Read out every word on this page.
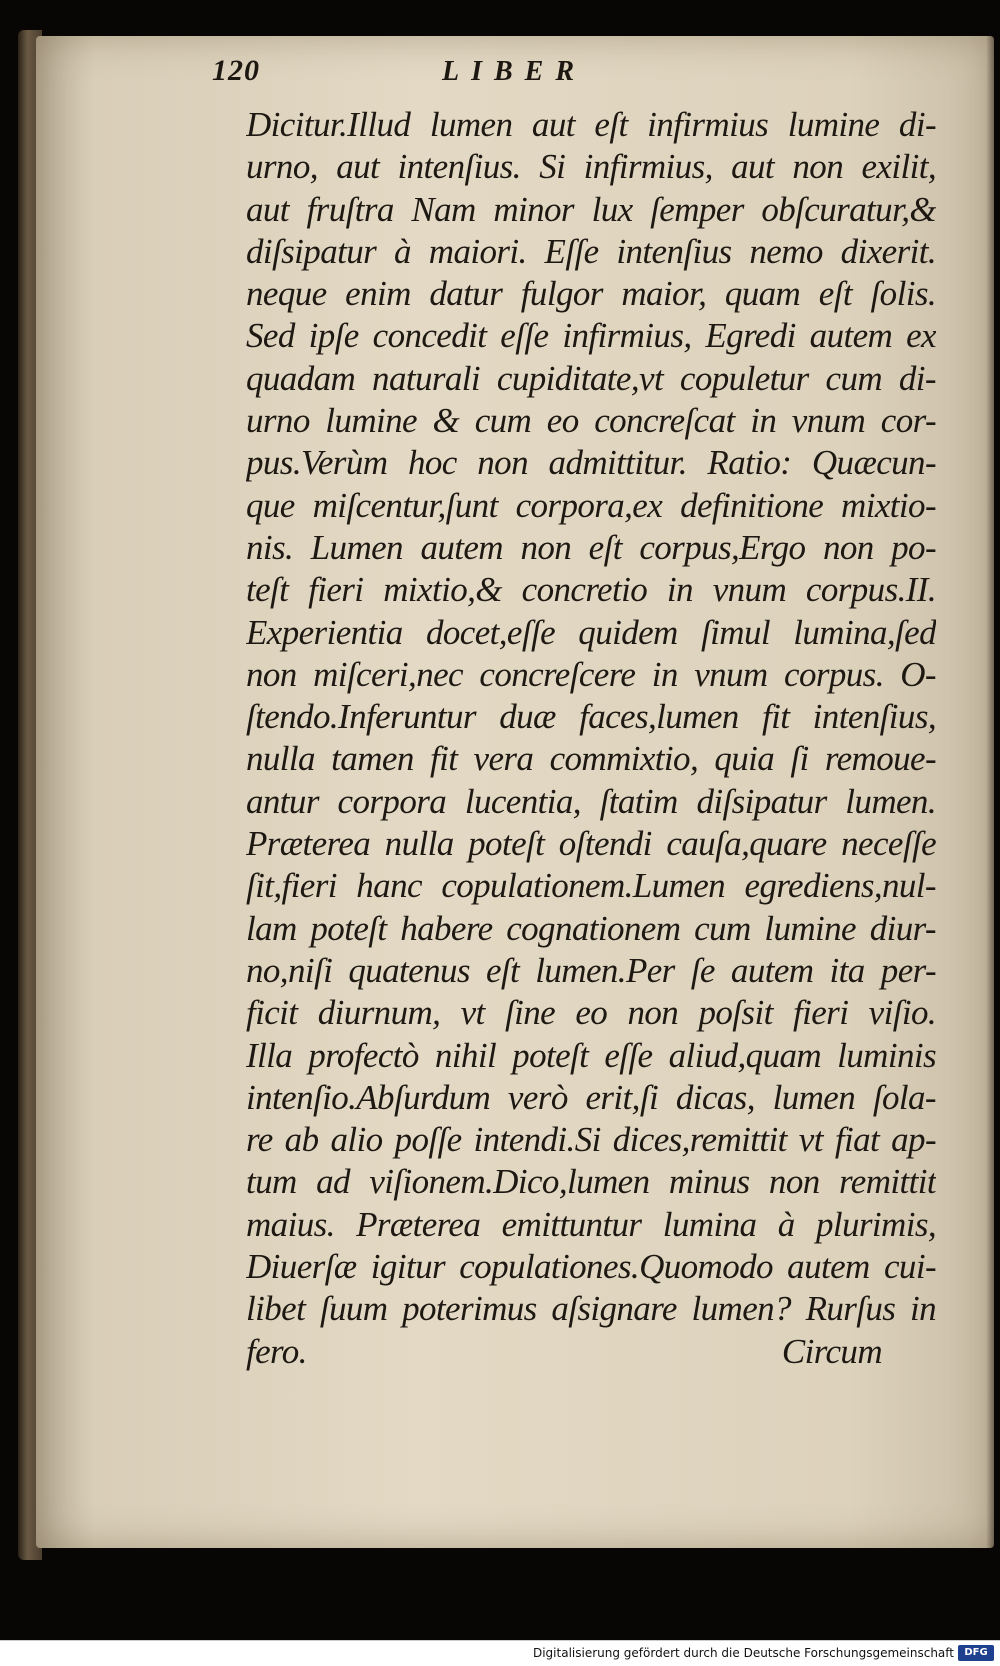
120	LIBER
Dicitur.Illud lumen aut eſt infirmius lumine di-
urno, aut intenſius. Si infirmius, aut non exilit,
aut fruſtra Nam minor lux ſemper obſcuratur,&
diſsipatur à maiori. Eſſe intenſius nemo dixerit.
neque enim datur fulgor maior, quam eſt ſolis.
Sed ipſe concedit eſſe infirmius, Egredi autem ex
quadam naturali cupiditate,vt copuletur cum di-
urno lumine & cum eo concreſcat in vnum cor-
pus.Verùm hoc non admittitur. Ratio: Quæcun-
que miſcentur,ſunt corpora,ex definitione mixtio-
nis. Lumen autem non eſt corpus,Ergo non po-
teſt fieri mixtio,& concretio in vnum corpus.II.
Experientia docet,eſſe quidem ſimul lumina,ſed
non miſceri,nec concreſcere in vnum corpus. O-
ſtendo.Inferuntur duæ faces,lumen fit intenſius,
nulla tamen fit vera commixtio, quia ſi remoue-
antur corpora lucentia, ſtatim diſsipatur lumen.
Præterea nulla poteſt oſtendi cauſa,quare neceſſe
ſit,fieri hanc copulationem.Lumen egrediens,nul-
lam poteſt habere cognationem cum lumine diur-
no,niſi quatenus eſt lumen.Per ſe autem ita per-
ficit diurnum, vt ſine eo non poſsit fieri viſio.
Illa profectò nihil poteſt eſſe aliud,quam luminis
intenſio.Abſurdum verò erit,ſi dicas, lumen ſola-
re ab alio poſſe intendi.Si dices,remittit vt fiat ap-
tum ad viſionem.Dico,lumen minus non remittit
maius. Præterea emittuntur lumina à plurimis,
Diuerſæ igitur copulationes.Quomodo autem cui-
libet ſuum poterimus aſsignare lumen? Rurſus in
fero.	Circum
Digitalisierung gefördert durch die Deutsche Forschungsgemeinschaft	DFG
